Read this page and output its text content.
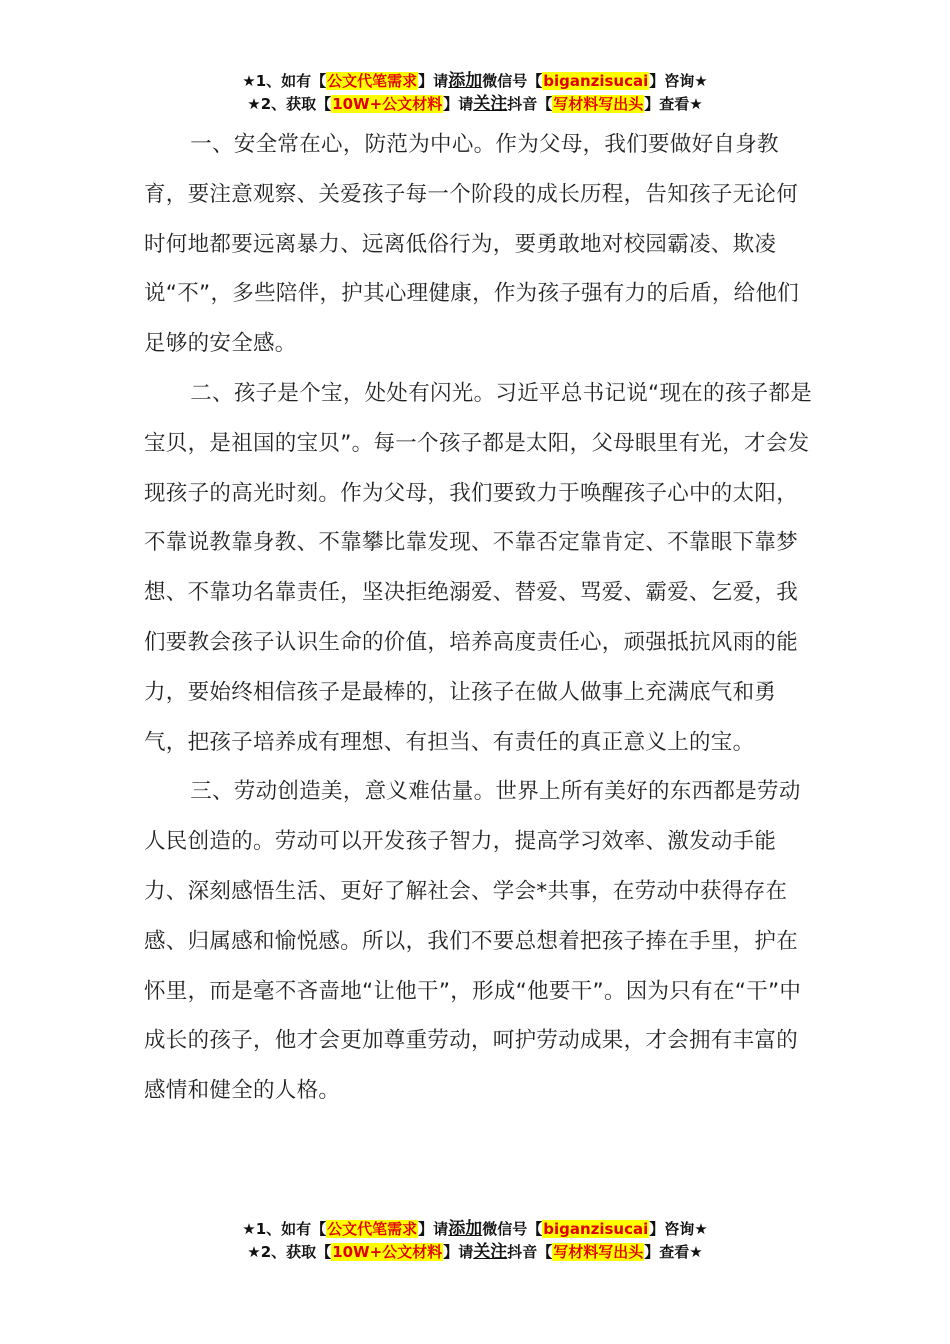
★1、如有【公文代笔需求】请添加微信号【biganzisucai】咨询★
★2、获取【10W+公文材料】请关注抖音【写材料写出头】查看★

一、安全常在心，防范为中心。作为父母，我们要做好自身教育，要注意观察、关爱孩子每一个阶段的成长历程，告知孩子无论何时何地都要远离暴力、远离低俗行为，要勇敢地对校园霸凌、欺凌说“不”，多些陪伴，护其心理健康，作为孩子强有力的后盾，给他们足够的安全感。

二、孩子是个宝，处处有闪光。习近平总书记说“现在的孩子都是宝贝，是祖国的宝贝”。每一个孩子都是太阳，父母眼里有光，才会发现孩子的高光时刻。作为父母，我们要致力于唤醒孩子心中的太阳，不靠说教靠身教、不靠攀比靠发现、不靠否定靠肯定、不靠眼下靠梦想、不靠功名靠责任，坚决拒绝溺爱、替爱、骂爱、霸爱、乞爱，我们要教会孩子认识生命的价值，培养高度责任心，顽强抵抗风雨的能力，要始终相信孩子是最棒的，让孩子在做人做事上充满底气和勇气，把孩子培养成有理想、有担当、有责任的真正意义上的宝。

三、劳动创造美，意义难估量。世界上所有美好的东西都是劳动人民创造的。劳动可以开发孩子智力，提高学习效率、激发动手能力、深刻感悟生活、更好了解社会、学会*共事，在劳动中获得存在感、归属感和愉悦感。所以，我们不要总想着把孩子捧在手里，护在怀里，而是毫不吝啬地“让他干”，形成“他要干”。因为只有在“干”中成长的孩子，他才会更加尊重劳动，呵护劳动成果，才会拥有丰富的感情和健全的人格。

★1、如有【公文代笔需求】请添加微信号【biganzisucai】咨询★
★2、获取【10W+公文材料】请关注抖音【写材料写出头】查看★
